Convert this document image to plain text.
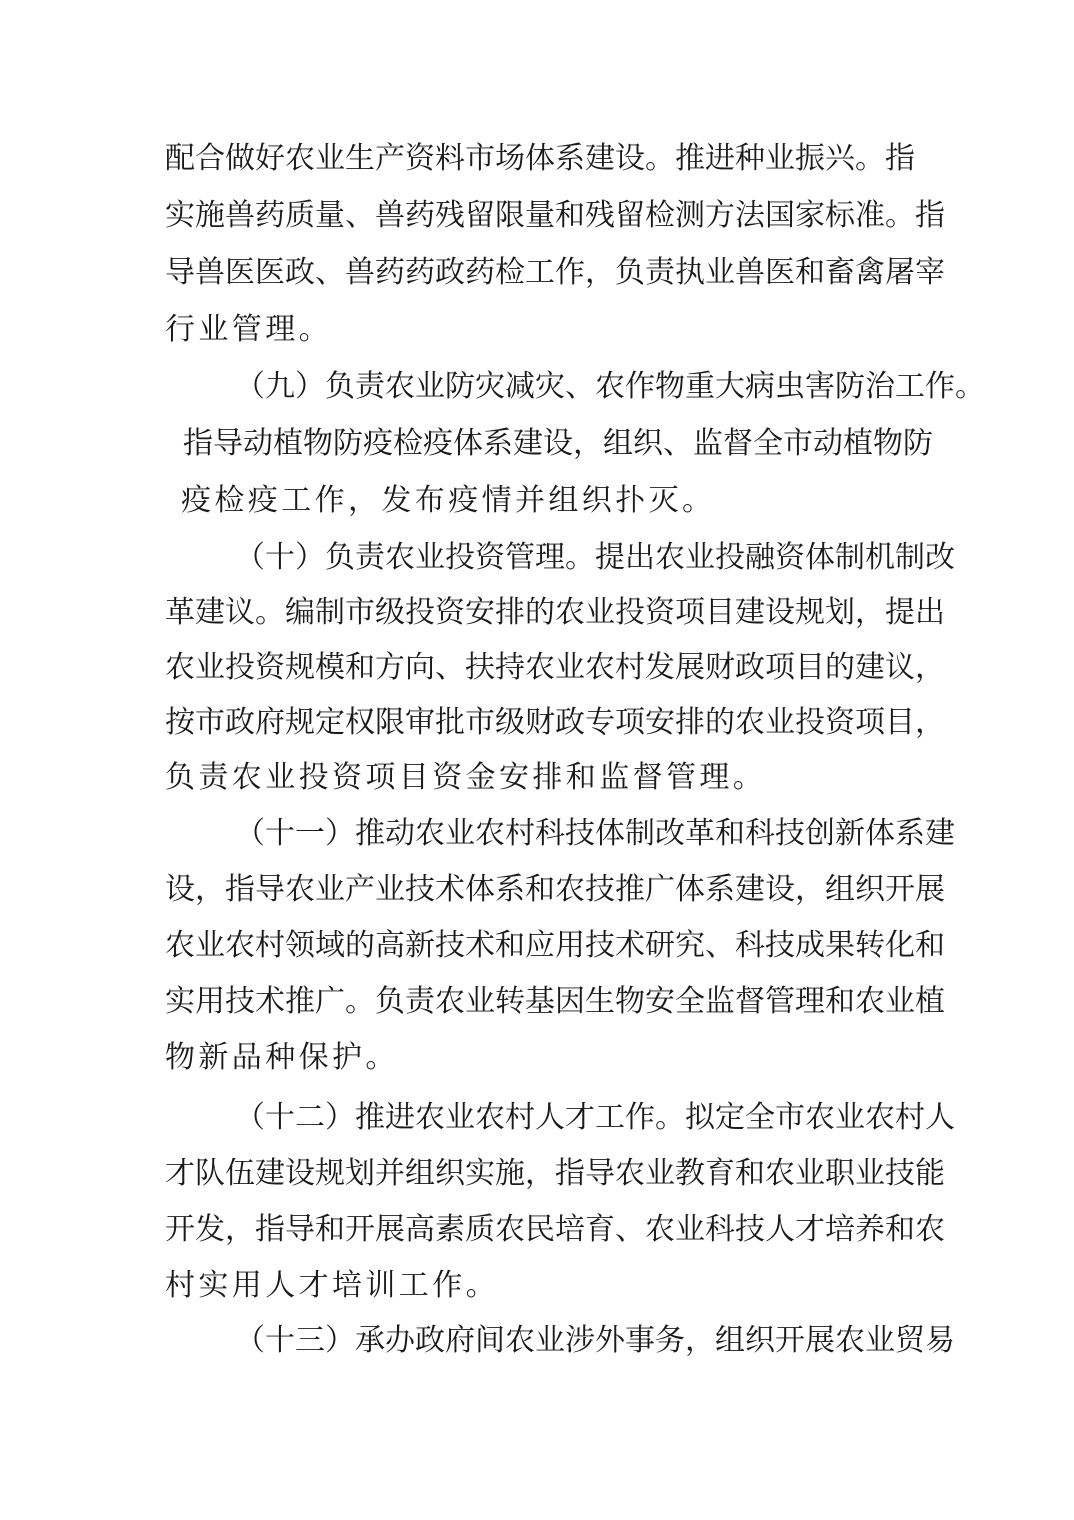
配合做好农业生产资料市场体系建设。推进种业振兴。指
实施兽药质量、兽药残留限量和残留检测方法国家标准。指
导兽医医政、兽药药政药检工作，负责执业兽医和畜禽屠宰
行业管理。
（九）负责农业防灾减灾、农作物重大病虫害防治工作。
指导动植物防疫检疫体系建设，组织、监督全市动植物防
疫检疫工作，发布疫情并组织扑灭。
（十）负责农业投资管理。提出农业投融资体制机制改
革建议。编制市级投资安排的农业投资项目建设规划，提出
农业投资规模和方向、扶持农业农村发展财政项目的建议，
按市政府规定权限审批市级财政专项安排的农业投资项目，
负责农业投资项目资金安排和监督管理。
（十一）推动农业农村科技体制改革和科技创新体系建
设，指导农业产业技术体系和农技推广体系建设，组织开展
农业农村领域的高新技术和应用技术研究、科技成果转化和
实用技术推广。负责农业转基因生物安全监督管理和农业植
物新品种保护。
（十二）推进农业农村人才工作。拟定全市农业农村人
才队伍建设规划并组织实施，指导农业教育和农业职业技能
开发，指导和开展高素质农民培育、农业科技人才培养和农
村实用人才培训工作。
（十三）承办政府间农业涉外事务，组织开展农业贸易
